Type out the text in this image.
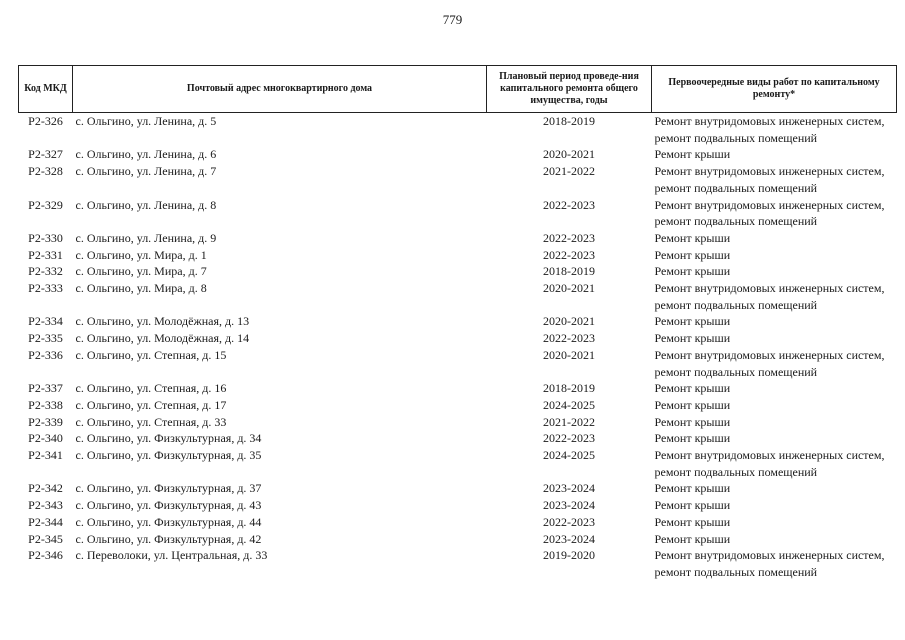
779
Код МКД	Почтовый адрес многоквартирного дома	Плановый период проведе-ния капитального ремонта общего имущества, годы	Первоочередные виды работ по капитальному ремонту*
Р2-326	с. Ольгино, ул. Ленина, д. 5	2018-2019	Ремонт внутридомовых инженерных систем,
ремонт подвальных помещений

Р2-327	с. Ольгино, ул. Ленина, д. 6	2020-2021	Ремонт крыши

Р2-328	с. Ольгино, ул. Ленина, д. 7	2021-2022	Ремонт внутридомовых инженерных систем,
ремонт подвальных помещений

Р2-329	с. Ольгино, ул. Ленина, д. 8	2022-2023	Ремонт внутридомовых инженерных систем,
ремонт подвальных помещений

Р2-330	с. Ольгино, ул. Ленина, д. 9	2022-2023	Ремонт крыши

Р2-331	с. Ольгино, ул. Мира, д. 1	2022-2023	Ремонт крыши

Р2-332	с. Ольгино, ул. Мира, д. 7	2018-2019	Ремонт крыши

Р2-333	с. Ольгино, ул. Мира, д. 8	2020-2021	Ремонт внутридомовых инженерных систем,
ремонт подвальных помещений

Р2-334	с. Ольгино, ул. Молодёжная, д. 13	2020-2021	Ремонт крыши

Р2-335	с. Ольгино, ул. Молодёжная, д. 14	2022-2023	Ремонт крыши

Р2-336	с. Ольгино, ул. Степная, д. 15	2020-2021	Ремонт внутридомовых инженерных систем,
ремонт подвальных помещений

Р2-337	с. Ольгино, ул. Степная, д. 16	2018-2019	Ремонт крыши

Р2-338	с. Ольгино, ул. Степная, д. 17	2024-2025	Ремонт крыши

Р2-339	с. Ольгино, ул. Степная, д. 33	2021-2022	Ремонт крыши

Р2-340	с. Ольгино, ул. Физкультурная, д. 34	2022-2023	Ремонт крыши

Р2-341	с. Ольгино, ул. Физкультурная, д. 35	2024-2025	Ремонт внутридомовых инженерных систем,
ремонт подвальных помещений

Р2-342	с. Ольгино, ул. Физкультурная, д. 37	2023-2024	Ремонт крыши

Р2-343	с. Ольгино, ул. Физкультурная, д. 43	2023-2024	Ремонт крыши

Р2-344	с. Ольгино, ул. Физкультурная, д. 44	2022-2023	Ремонт крыши

Р2-345	с. Ольгино, ул. Физкультурная, д. 42	2023-2024	Ремонт крыши

Р2-346	с. Переволоки, ул. Центральная, д. 33	2019-2020	Ремонт внутридомовых инженерных систем,
ремонт подвальных помещений
